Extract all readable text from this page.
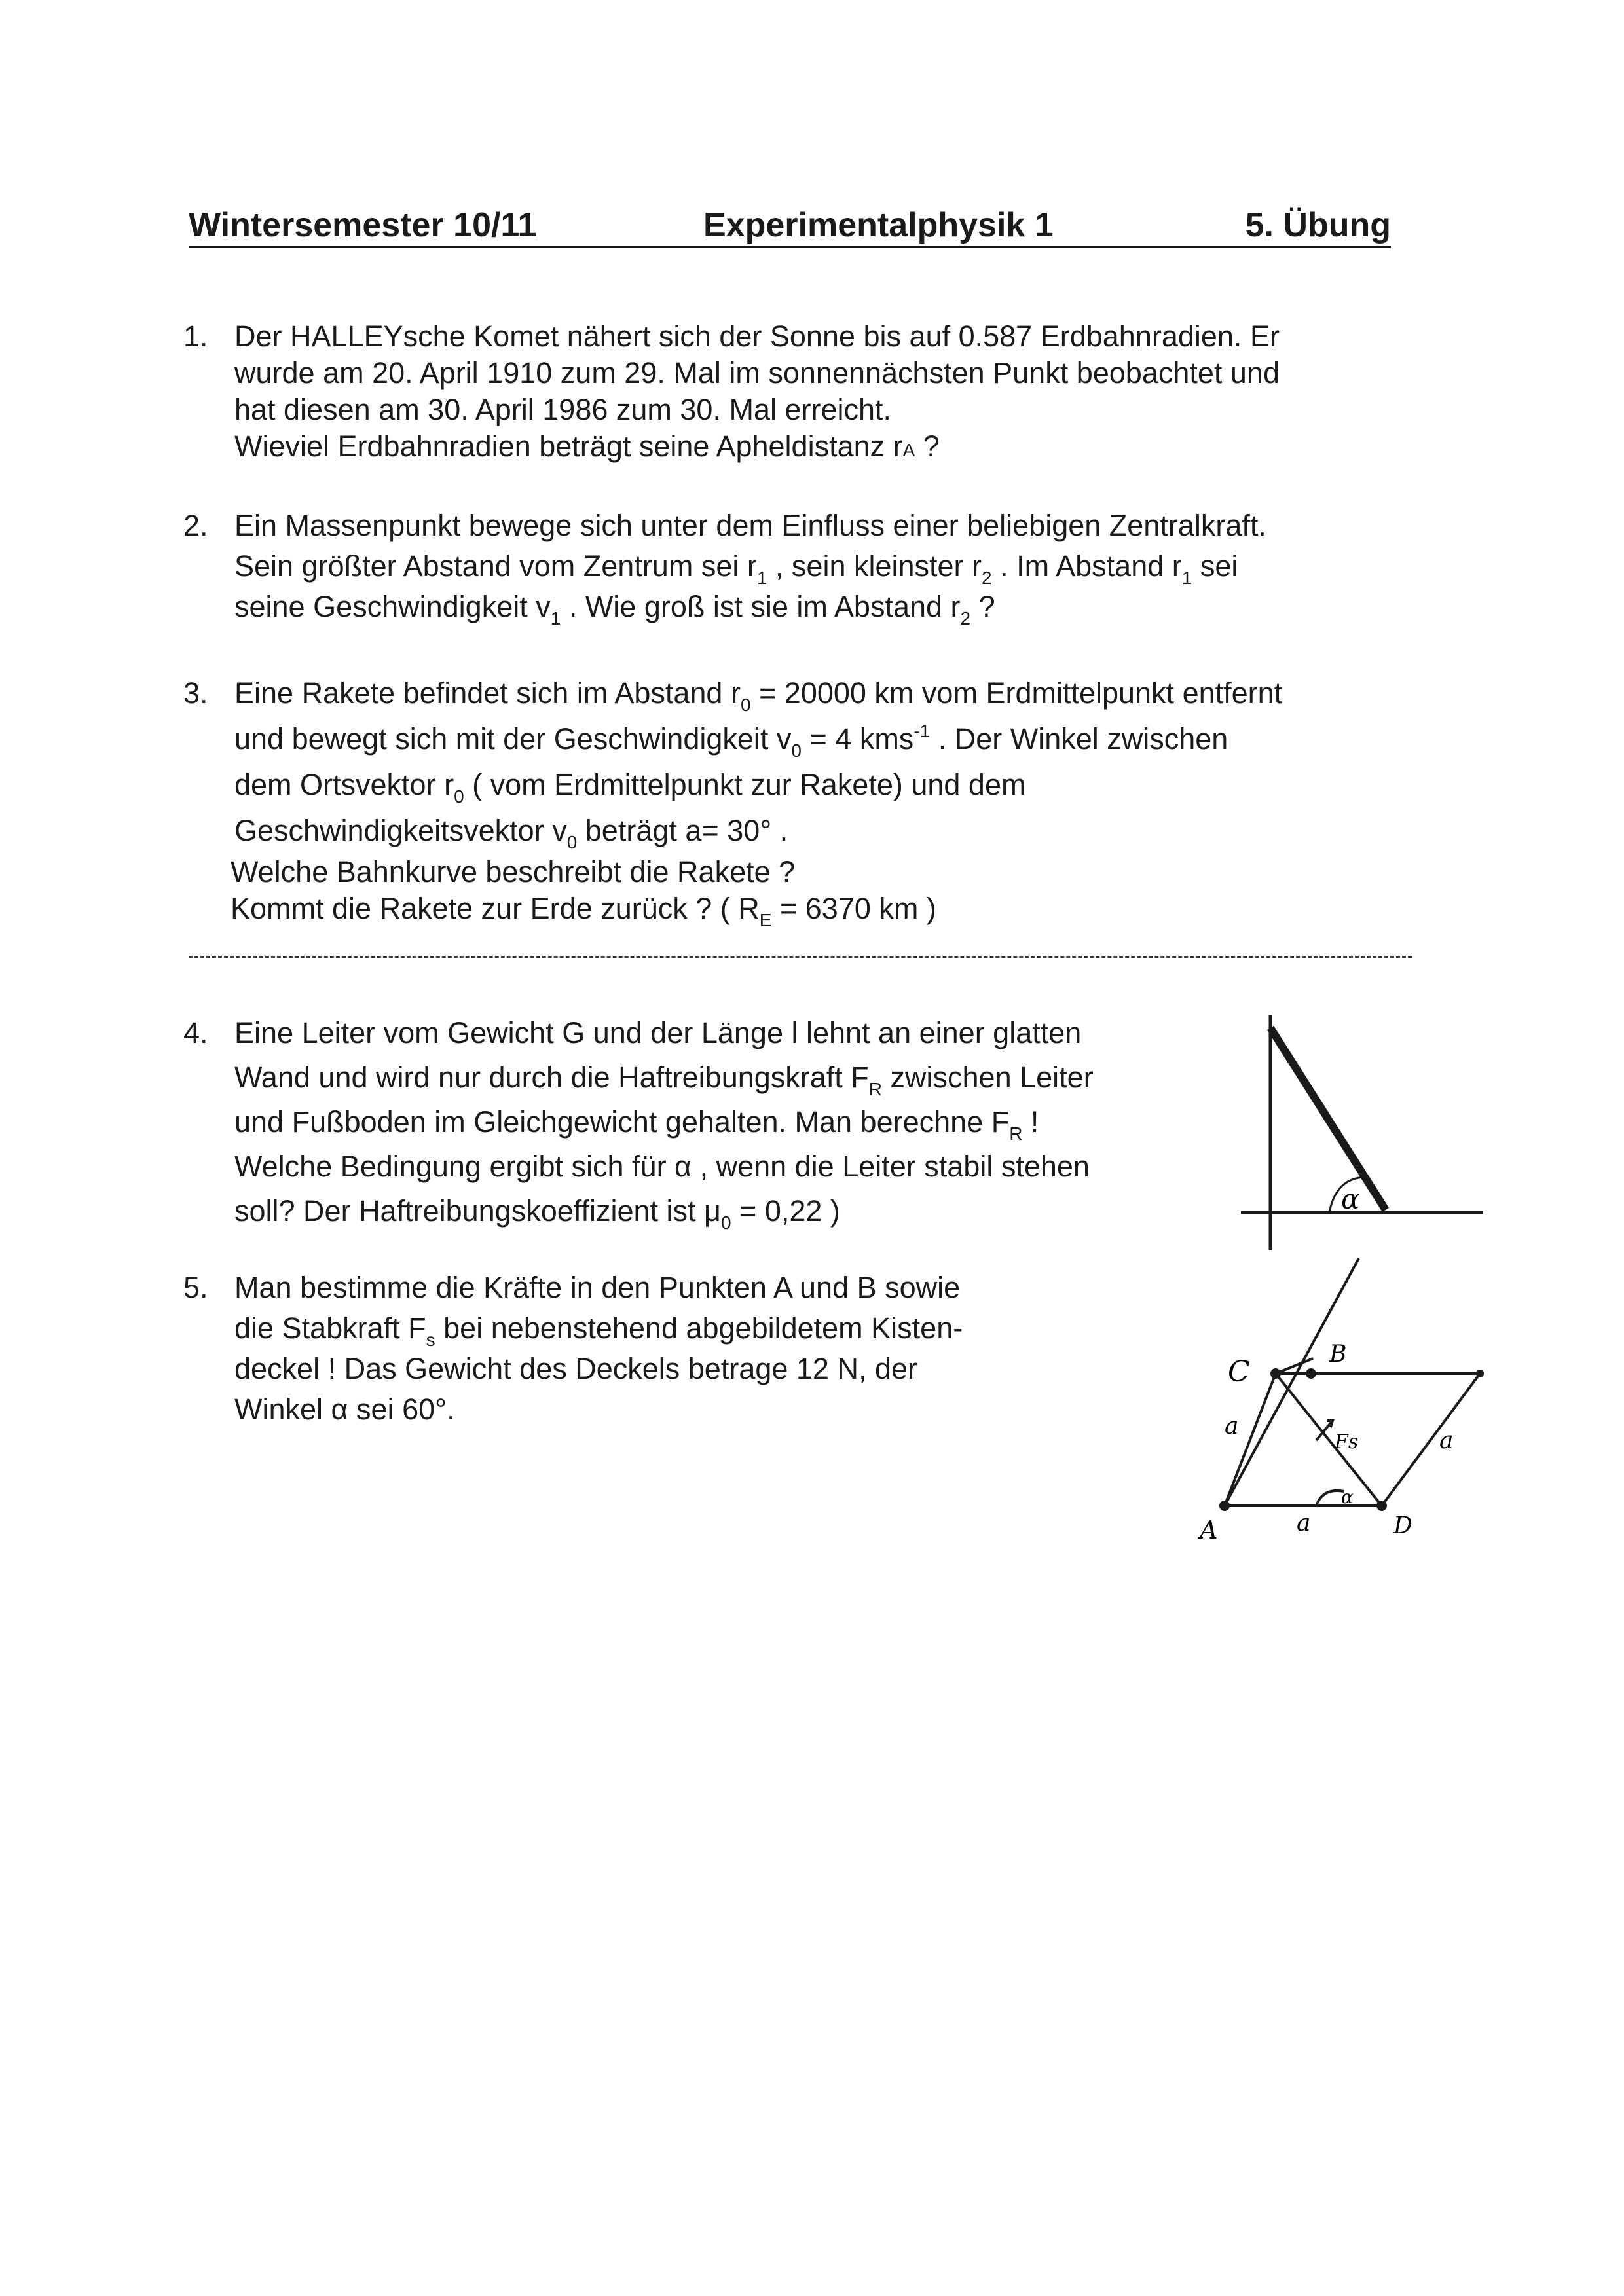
Wintersemester 10/11	Experimentalphysik 1	5. Übung
1. Der HALLEYsche Komet nähert sich der Sonne bis auf 0.587 Erdbahnradien. Er
wurde am 20. April 1910 zum 29. Mal im sonnennächsten Punkt beobachtet und
hat diesen am 30. April 1986 zum 30. Mal erreicht.
Wieviel Erdbahnradien beträgt seine Apheldistanz rA ?
2. Ein Massenpunkt bewege sich unter dem Einfluss einer beliebigen Zentralkraft.
Sein größter Abstand vom Zentrum sei $r_1$ , sein kleinster $r_2$ . Im Abstand $r_1$ sei
seine Geschwindigkeit $v_1$ . Wie groß ist sie im Abstand $r_2$ ?
3. Eine Rakete befindet sich im Abstand $r_0 = 20000$ km vom Erdmittelpunkt entfernt
und bewegt sich mit der Geschwindigkeit $v_0 = 4$ kms$^{-1}$ . Der Winkel zwischen
dem Ortsvektor $r_0$ ( vom Erdmittelpunkt zur Rakete) und dem
Geschwindigkeitsvektor $v_0$ beträgt a= 30° .
Welche Bahnkurve beschreibt die Rakete ?
Kommt die Rakete zur Erde zurück ? ( $R_E = 6370$ km )
4. Eine Leiter vom Gewicht G und der Länge l lehnt an einer glatten
Wand und wird nur durch die Haftreibungskraft $F_R$ zwischen Leiter
und Fußboden im Gleichgewicht gehalten. Man berechne $F_R$ !
Welche Bedingung ergibt sich für α , wenn die Leiter stabil stehen
soll? Der Haftreibungskoeffizient ist $\mu_0 = 0,22$ )
5. Man bestimme die Kräfte in den Punkten A und B sowie
die Stabkraft $F_s$ bei nebenstehend abgebildetem Kisten-
deckel ! Das Gewicht des Deckels betrage 12 N, der
Winkel α sei 60°.
α
A
B
C
D
a
a
a
Fs
α
